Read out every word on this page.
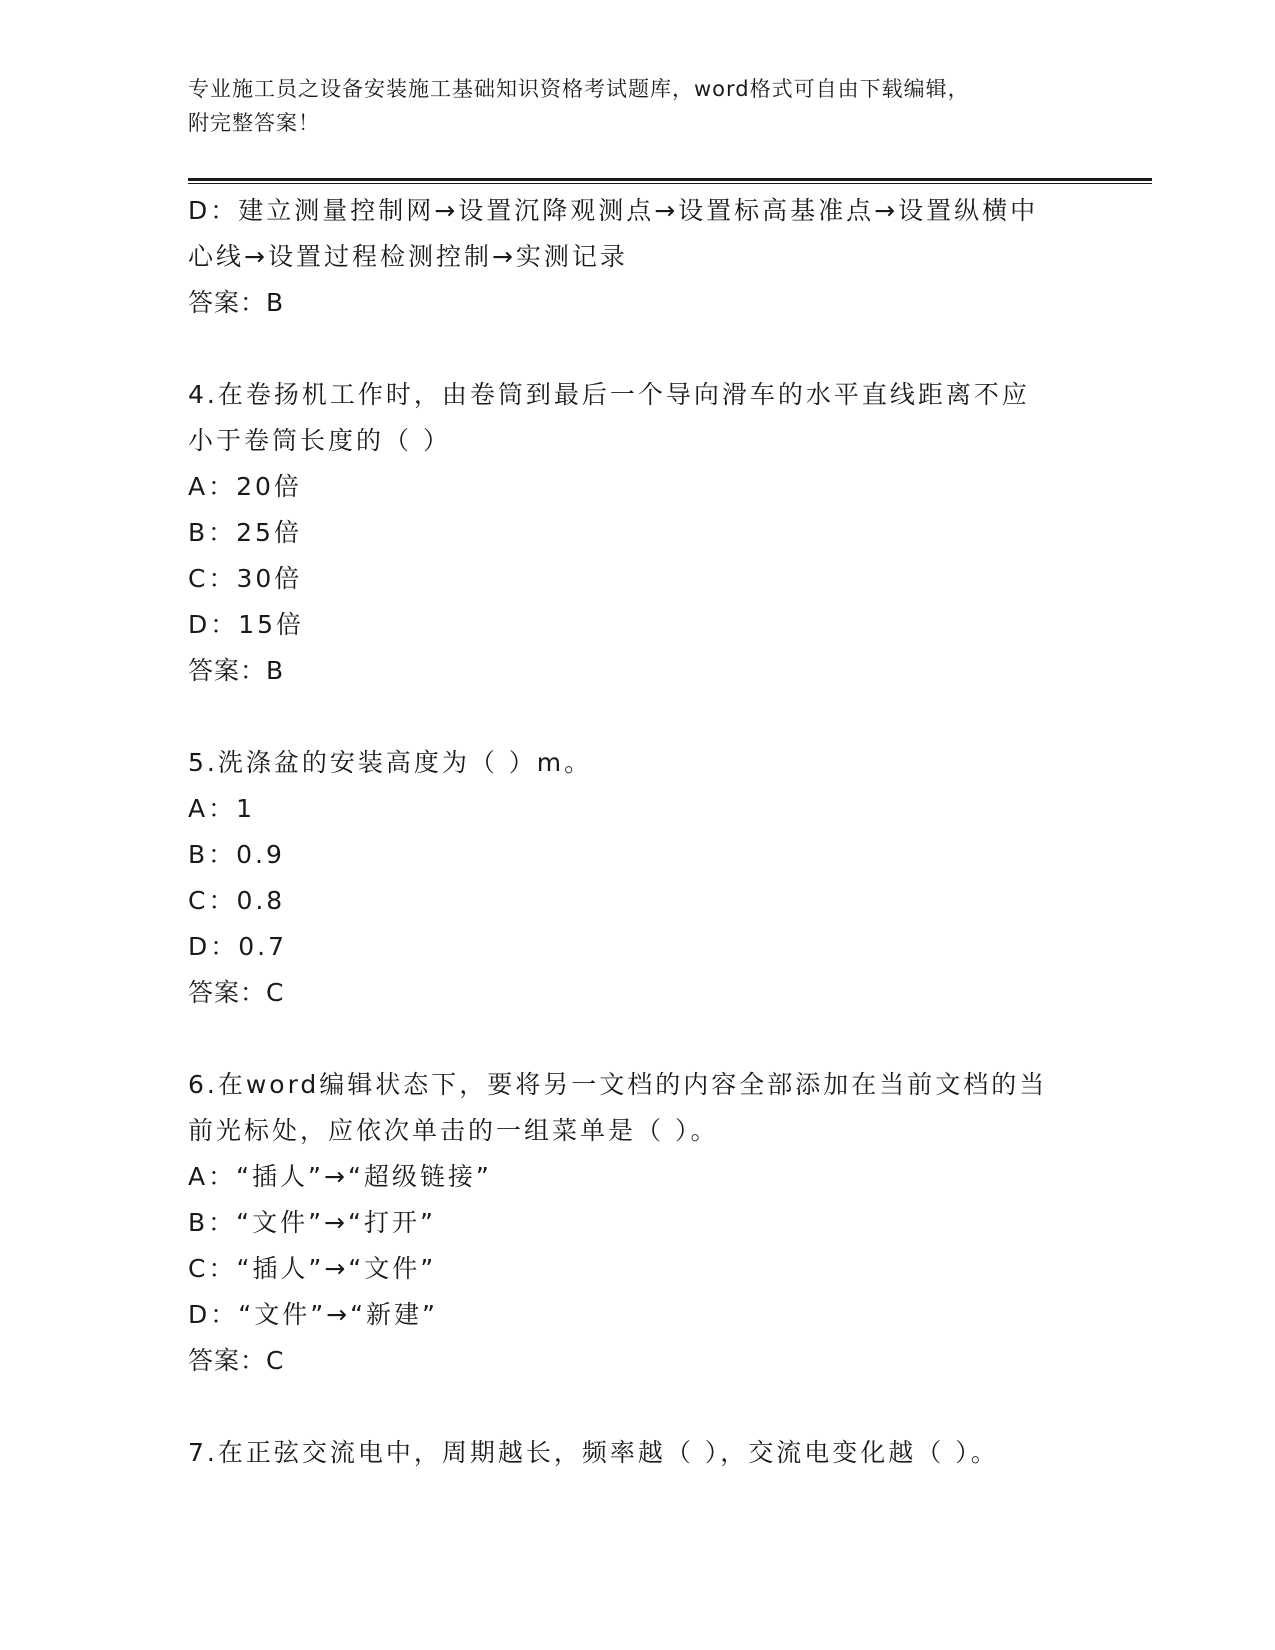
专业施工员之设备安装施工基础知识资格考试题库，word格式可自由下载编辑，
附完整答案！
D：建立测量控制网→设置沉降观测点→设置标高基准点→设置纵横中
心线→设置过程检测控制→实测记录
答案：B
4.在卷扬机工作时，由卷筒到最后一个导向滑车的水平直线距离不应
小于卷筒长度的（ ）
A：20倍
B：25倍
C：30倍
D：15倍
答案：B
5.洗涤盆的安装高度为（ ）m。
A：1
B：0.9
C：0.8
D：0.7
答案：C
6.在word编辑状态下，要将另一文档的内容全部添加在当前文档的当
前光标处，应依次单击的一组菜单是（ ）。
A：“插人”→“超级链接”
B：“文件”→“打开”
C：“插人”→“文件”
D：“文件”→“新建”
答案：C
7.在正弦交流电中，周期越长，频率越（ ），交流电变化越（ ）。
